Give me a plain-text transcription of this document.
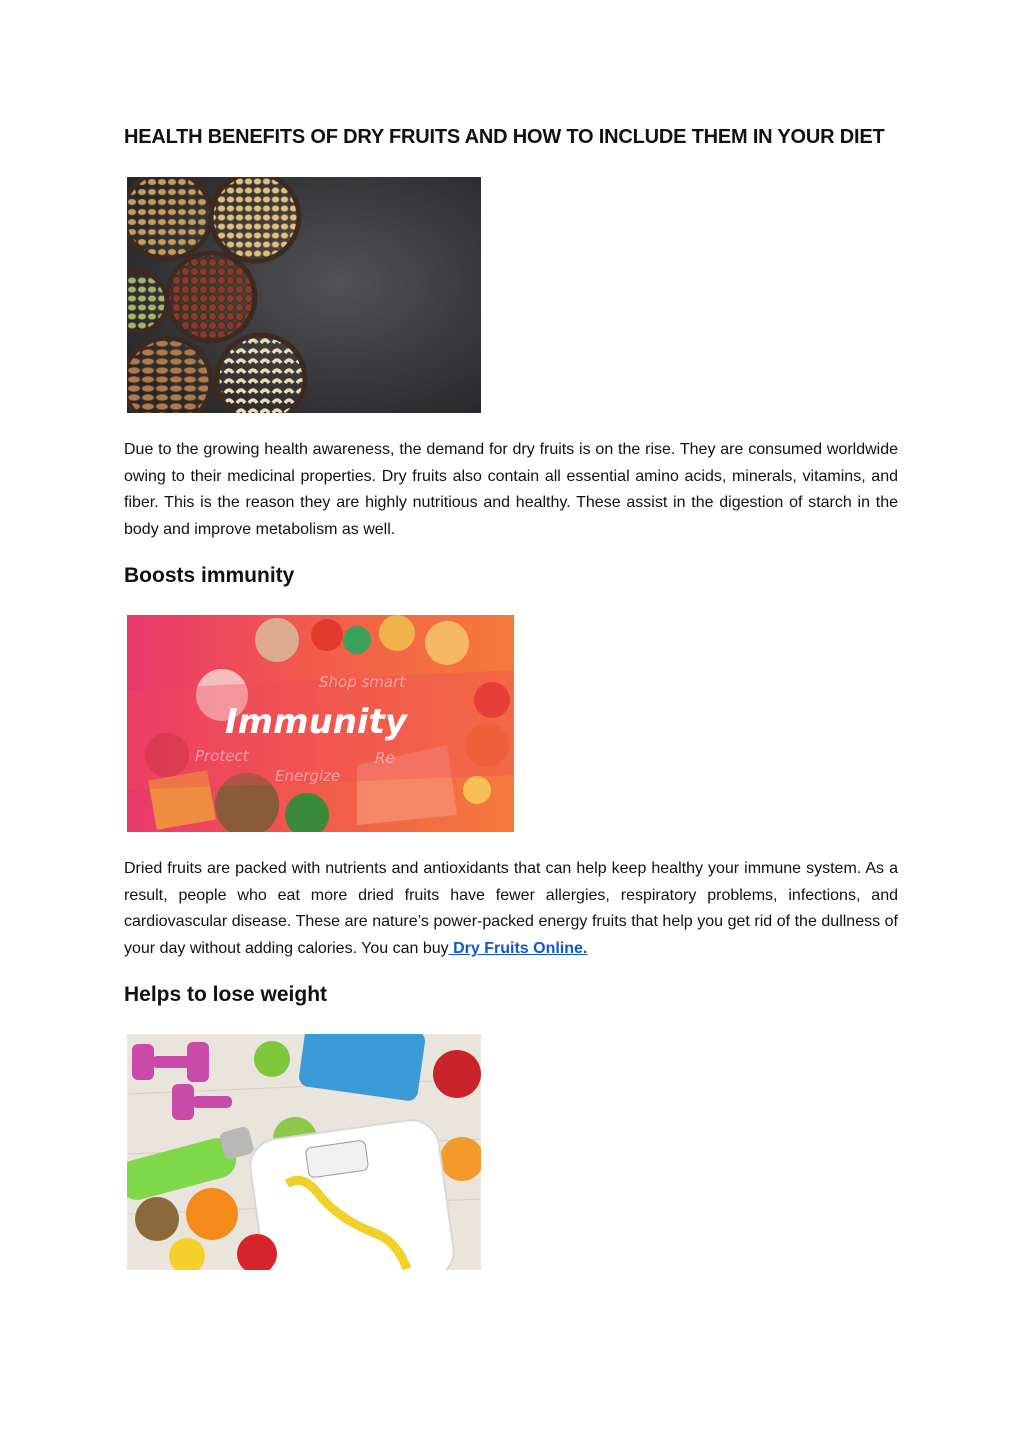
HEALTH BENEFITS OF DRY FRUITS AND HOW TO INCLUDE THEM IN YOUR DIET

Due to the growing health awareness, the demand for dry fruits is on the rise. They are consumed worldwide owing to their medicinal properties. Dry fruits also contain all essential amino acids, minerals, vitamins, and fiber. This is the reason they are highly nutritious and healthy. These assist in the digestion of starch in the body and improve metabolism as well.

Boosts immunity
Immunity
Shop smart
Protect
Energize
Re

Dried fruits are packed with nutrients and antioxidants that can help keep healthy your immune system. As a result, people who eat more dried fruits have fewer allergies, respiratory problems, infections, and cardiovascular disease. These are nature’s power-packed energy fruits that help you get rid of the dullness of your day without adding calories. You can buy Dry Fruits Online.

Helps to lose weight
